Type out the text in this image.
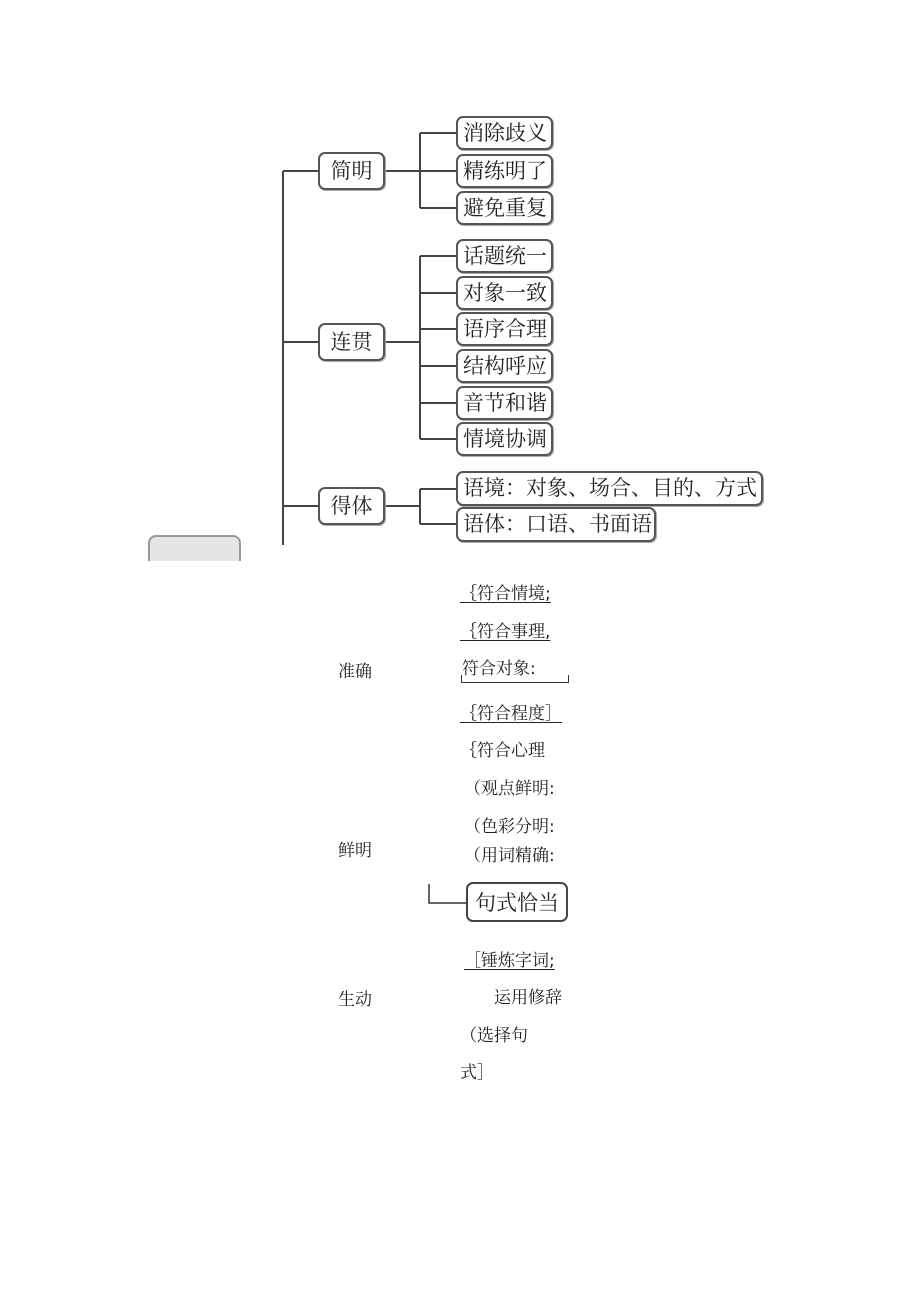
简明
连贯
得体
消除歧义
精练明了
避免重复
话题统一
对象一致
语序合理
结构呼应
音节和谐
情境协调
语境：对象、场合、目的、方式
语体：口语、书面语
准确
｛符合情境;
｛符合事理,
符合对象:
｛符合程度］
｛符合心理
鲜明
（观点鲜明:
（色彩分明:
（用词精确:
句式恰当
生动
［锤炼字词;
运用修辞
（选择句
式］
